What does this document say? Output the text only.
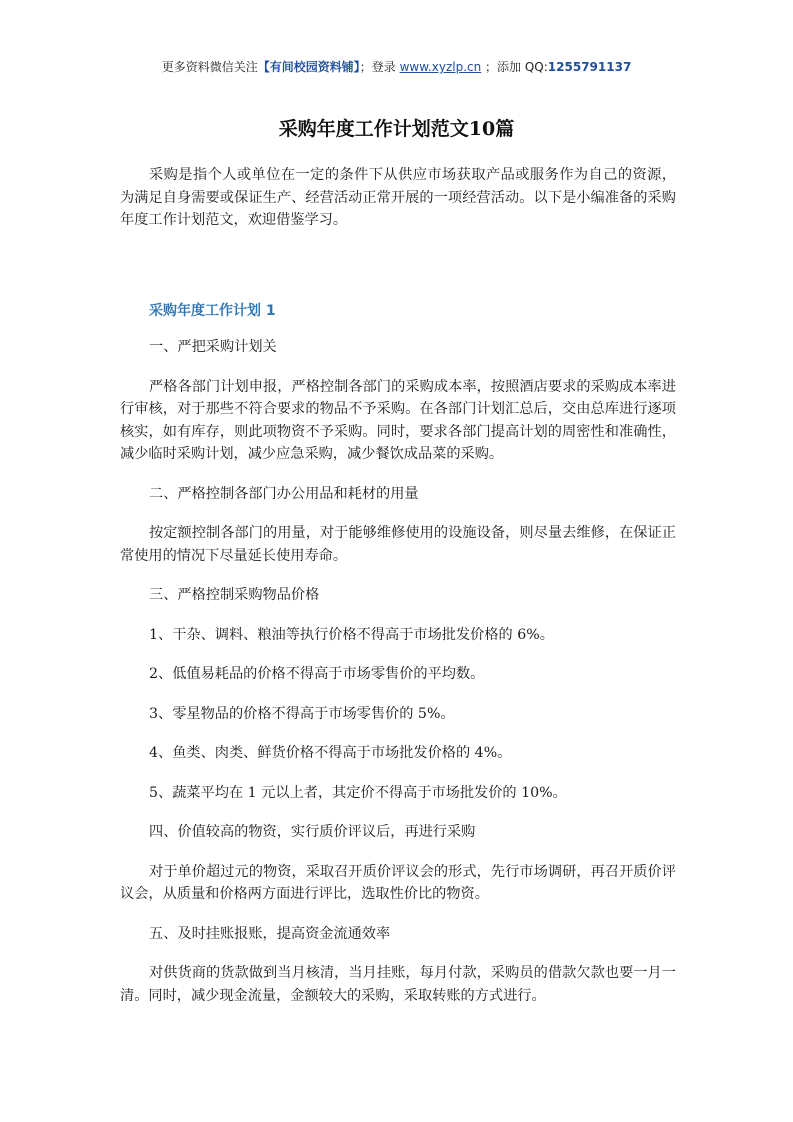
更多资料微信关注【有间校园资料铺】；登录 www.xyzlp.cn ；添加 QQ:1255791137
采购年度工作计划范文10篇

采购是指个人或单位在一定的条件下从供应市场获取产品或服务作为自己的资源， 为满足自身需要或保证生产、经营活动正常开展的一项经营活动。以下是小编准备的采购年度工作计划范文，欢迎借鉴学习。

采购年度工作计划 1

一、严把采购计划关

严格各部门计划申报，严格控制各部门的采购成本率，按照酒店要求的采购成本率进行审核，对于那些不符合要求的物品不予采购。在各部门计划汇总后，交由总库进行逐项核实，如有库存，则此项物资不予采购。同时，要求各部门提高计划的周密性和准确性，减少临时采购计划，减少应急采购，减少餐饮成品菜的采购。

二、严格控制各部门办公用品和耗材的用量

按定额控制各部门的用量，对于能够维修使用的设施设备，则尽量去维修，在保证正常使用的情况下尽量延长使用寿命。

三、严格控制采购物品价格

1、干杂、调料、粮油等执行价格不得高于市场批发价格的 6%。

2、低值易耗品的价格不得高于市场零售价的平均数。

3、零星物品的价格不得高于市场零售价的 5%。

4、鱼类、肉类、鲜货价格不得高于市场批发价格的 4%。

5、蔬菜平均在 1 元以上者，其定价不得高于市场批发价的 10%。

四、价值较高的物资，实行质价评议后，再进行采购

对于单价超过元的物资，采取召开质价评议会的形式，先行市场调研，再召开质价评议会，从质量和价格两方面进行评比，选取性价比的物资。

五、及时挂账报账，提高资金流通效率

对供货商的货款做到当月核清，当月挂账，每月付款，采购员的借款欠款也要一月一清。同时，减少现金流量，金额较大的采购，采取转账的方式进行。
